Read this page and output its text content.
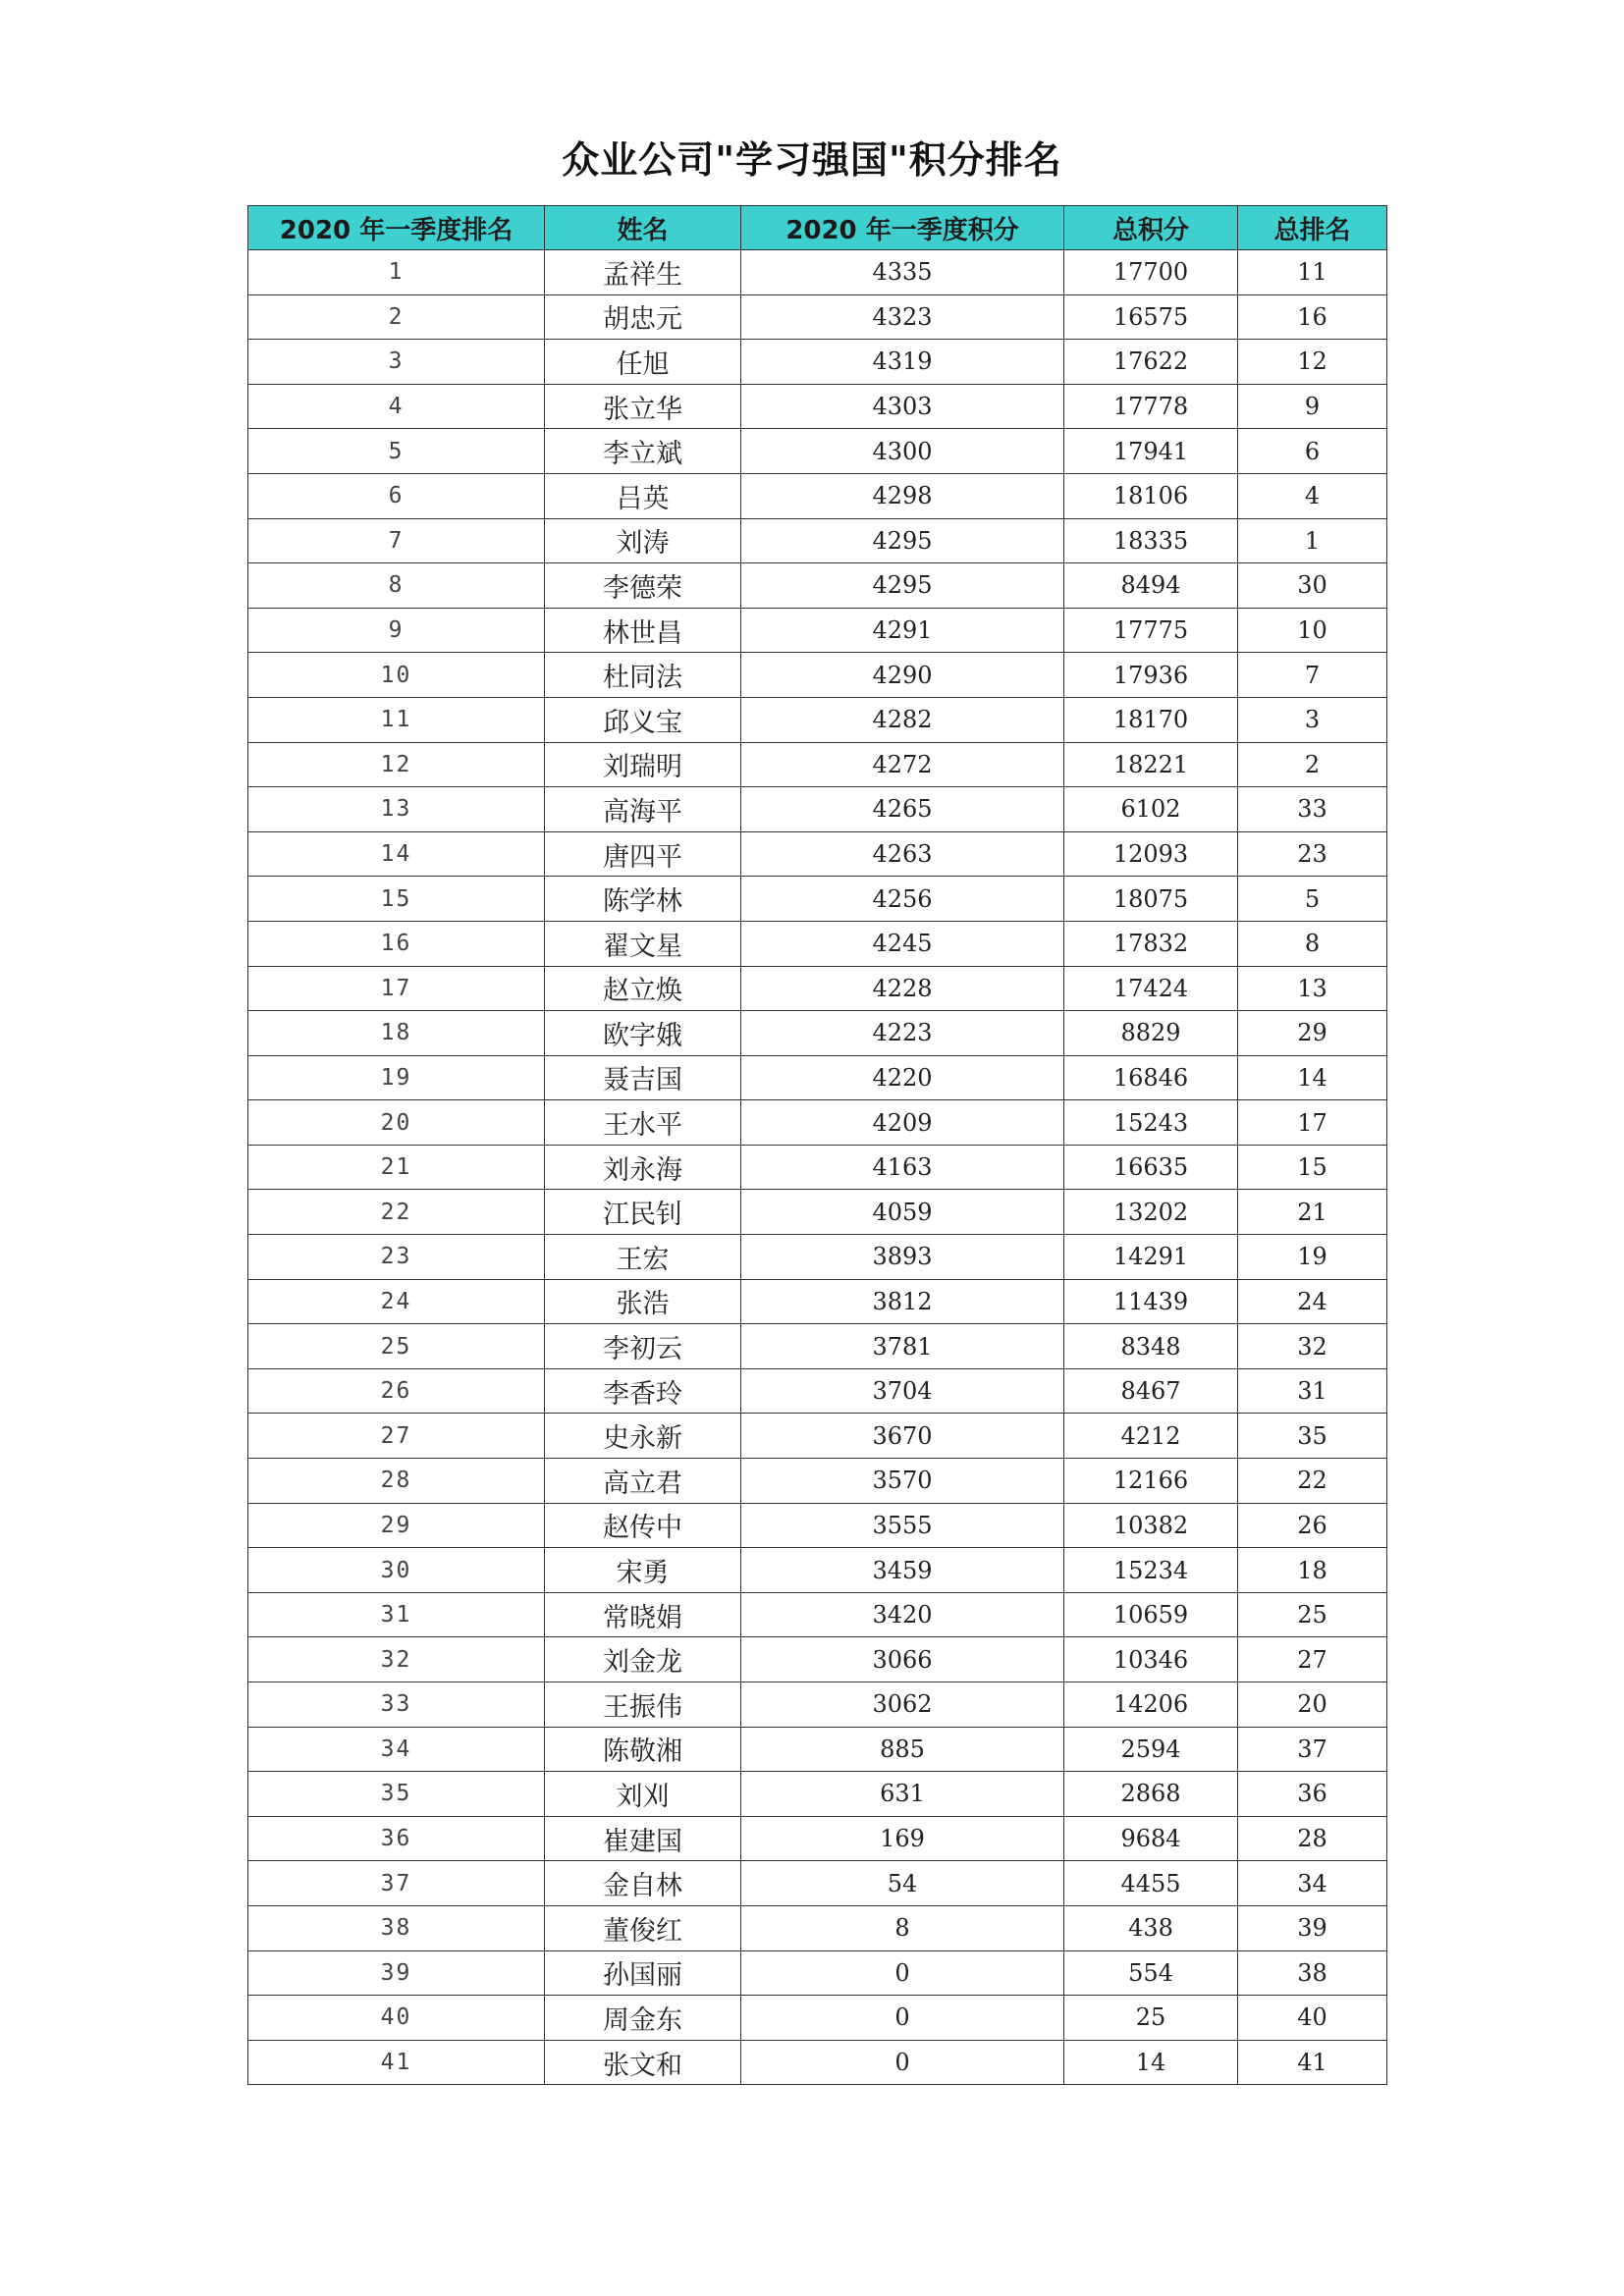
众业公司"学习强国"积分排名
2020 年一季度排名	姓名	2020 年一季度积分	总积分	总排名
1	孟祥生	4335	17700	11
2	胡忠元	4323	16575	16
3	任旭	4319	17622	12
4	张立华	4303	17778	9
5	李立斌	4300	17941	6
6	吕英	4298	18106	4
7	刘涛	4295	18335	1
8	李德荣	4295	8494	30
9	林世昌	4291	17775	10
10	杜同法	4290	17936	7
11	邱义宝	4282	18170	3
12	刘瑞明	4272	18221	2
13	高海平	4265	6102	33
14	唐四平	4263	12093	23
15	陈学林	4256	18075	5
16	翟文星	4245	17832	8
17	赵立焕	4228	17424	13
18	欧字娥	4223	8829	29
19	聂吉国	4220	16846	14
20	王水平	4209	15243	17
21	刘永海	4163	16635	15
22	江民钊	4059	13202	21
23	王宏	3893	14291	19
24	张浩	3812	11439	24
25	李初云	3781	8348	32
26	李香玲	3704	8467	31
27	史永新	3670	4212	35
28	高立君	3570	12166	22
29	赵传中	3555	10382	26
30	宋勇	3459	15234	18
31	常晓娟	3420	10659	25
32	刘金龙	3066	10346	27
33	王振伟	3062	14206	20
34	陈敬湘	885	2594	37
35	刘刈	631	2868	36
36	崔建国	169	9684	28
37	金自林	54	4455	34
38	董俊红	8	438	39
39	孙国丽	0	554	38
40	周金东	0	25	40
41	张文和	0	14	41
